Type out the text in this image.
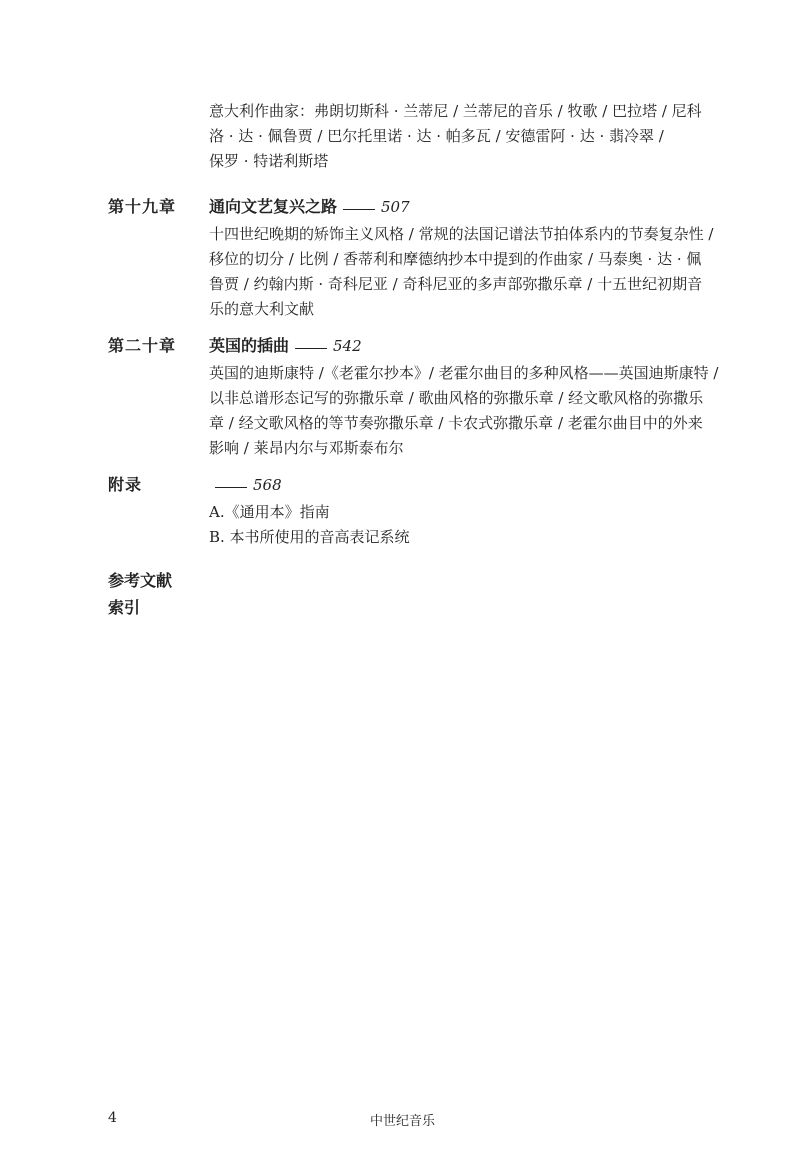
意大利作曲家：弗朗切斯科 · 兰蒂尼 / 兰蒂尼的音乐 / 牧歌 / 巴拉塔 / 尼科
洛 · 达 · 佩鲁贾 / 巴尔托里诺 · 达 · 帕多瓦 / 安德雷阿 · 达 · 翡冷翠 /
保罗 · 特诺利斯塔
第十九章 通向文艺复兴之路	507
十四世纪晚期的矫饰主义风格 / 常规的法国记谱法节拍体系内的节奏复杂性 /
移位的切分 / 比例 / 香蒂利和摩德纳抄本中提到的作曲家 / 马泰奥 · 达 · 佩
鲁贾 / 约翰内斯 · 奇科尼亚 / 奇科尼亚的多声部弥撒乐章 / 十五世纪初期音
乐的意大利文献
第二十章 英国的插曲	542
英国的迪斯康特 /《老霍尔抄本》/ 老霍尔曲目的多种风格——英国迪斯康特 /
以非总谱形态记写的弥撒乐章 / 歌曲风格的弥撒乐章 / 经文歌风格的弥撒乐
章 / 经文歌风格的等节奏弥撒乐章 / 卡农式弥撒乐章 / 老霍尔曲目中的外来
影响 / 莱昂内尔与邓斯泰布尔
附录	568
A.《通用本》指南
B. 本书所使用的音高表记系统
参考文献
索引
4	中世纪音乐
